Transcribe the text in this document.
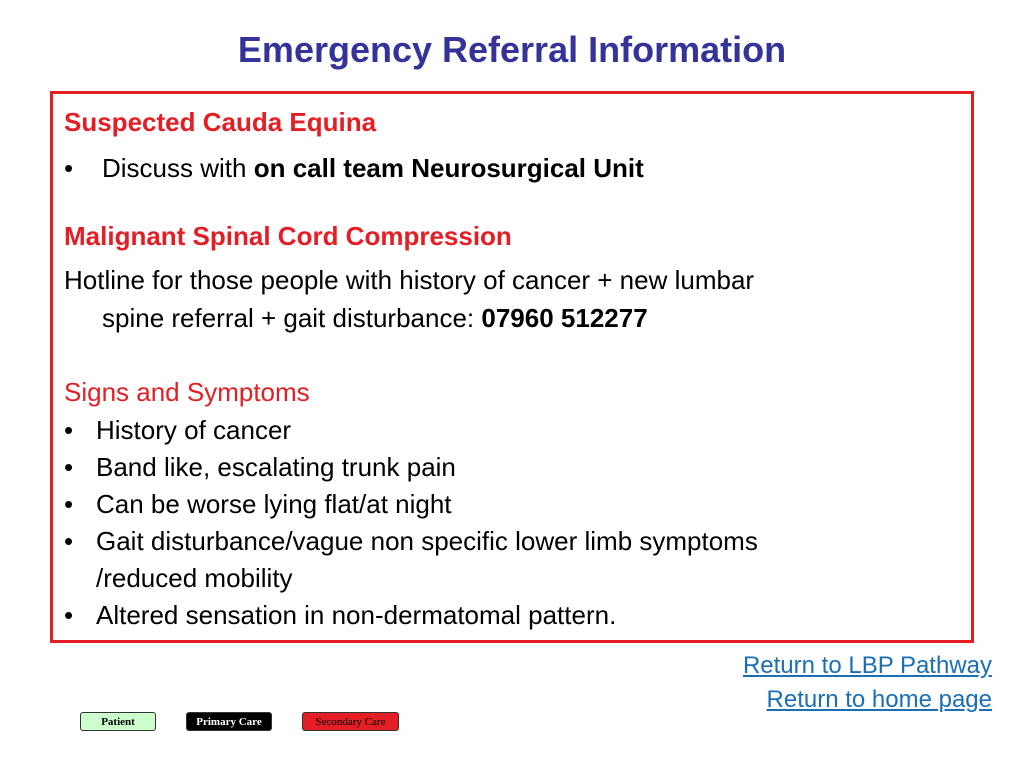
Emergency Referral Information
Suspected Cauda Equina
• Discuss with on call team Neurosurgical Unit
Malignant Spinal Cord Compression
Hotline for those people with history of cancer + new lumbar
spine referral + gait disturbance: 07960 512277
Signs and Symptoms
• History of cancer
• Band like, escalating trunk pain
• Can be worse lying flat/at night
• Gait disturbance/vague non specific lower limb symptoms
/reduced mobility
• Altered sensation in non-dermatomal pattern.
Return to LBP Pathway
Return to home page
Patient	Primary Care	Secondary Care
